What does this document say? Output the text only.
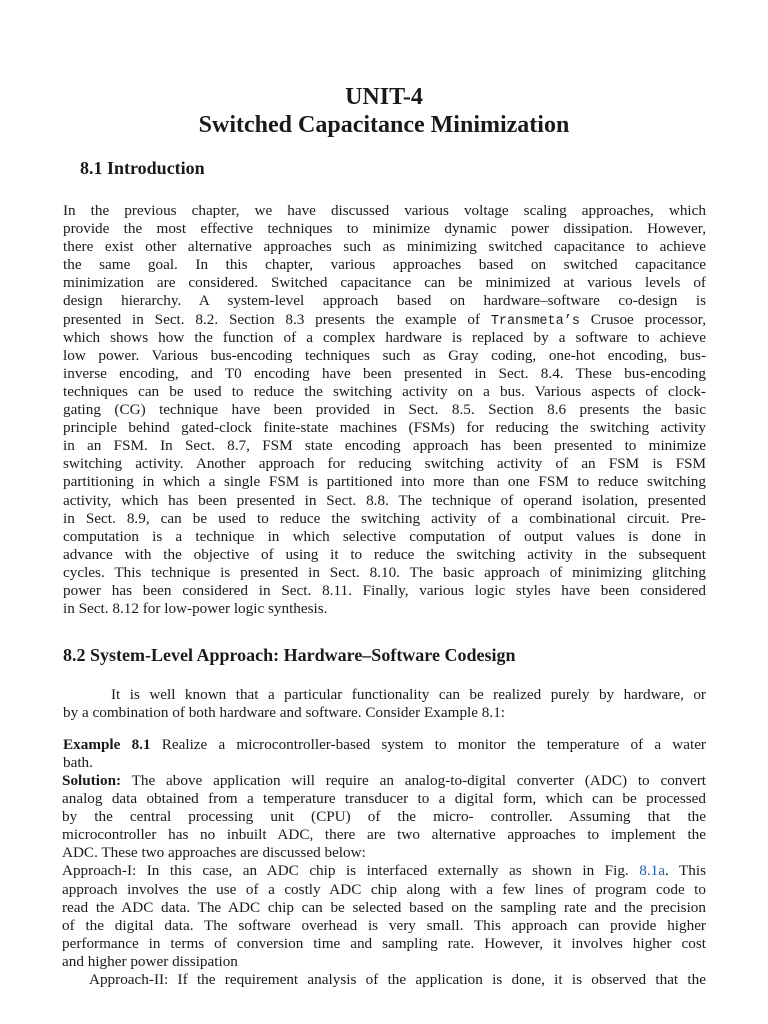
UNIT-4
Switched Capacitance Minimization
8.1 Introduction
In the previous chapter, we have discussed various voltage scaling approaches, which
provide the most effective techniques to minimize dynamic power dissipation. However,
there exist other alternative approaches such as minimizing switched capacitance to achieve
the same goal. In this chapter, various approaches based on switched capacitance
minimization are considered. Switched capacitance can be minimized at various levels of
design hierarchy. A system-level approach based on hardware–software co-design is
presented in Sect. 8.2. Section 8.3 presents the example of Transmeta’s Crusoe processor,
which shows how the function of a complex hardware is replaced by a software to achieve
low power. Various bus-encoding techniques such as Gray coding, one-hot encoding, bus-
inverse encoding, and T0 encoding have been presented in Sect. 8.4. These bus-encoding
techniques can be used to reduce the switching activity on a bus. Various aspects of clock-
gating (CG) technique have been provided in Sect. 8.5. Section 8.6 presents the basic
principle behind gated-clock finite-state machines (FSMs) for reducing the switching activity
in an FSM. In Sect. 8.7, FSM state encoding approach has been presented to minimize
switching activity. Another approach for reducing switching activity of an FSM is FSM
partitioning in which a single FSM is partitioned into more than one FSM to reduce switching
activity, which has been presented in Sect. 8.8. The technique of operand isolation, presented
in Sect. 8.9, can be used to reduce the switching activity of a combinational circuit. Pre-
computation is a technique in which selective computation of output values is done in
advance with the objective of using it to reduce the switching activity in the subsequent
cycles. This technique is presented in Sect. 8.10. The basic approach of minimizing glitching
power has been considered in Sect. 8.11. Finally, various logic styles have been considered
in Sect. 8.12 for low-power logic synthesis.
8.2 System-Level Approach: Hardware–Software Codesign
It is well known that a particular functionality can be realized purely by hardware, or
by a combination of both hardware and software. Consider Example 8.1:
Example 8.1 Realize a microcontroller-based system to monitor the temperature of a water
bath.
Solution: The above application will require an analog-to-digital converter (ADC) to convert
analog data obtained from a temperature transducer to a digital form, which can be processed
by the central processing unit (CPU) of the micro- controller. Assuming that the
microcontroller has no inbuilt ADC, there are two alternative approaches to implement the
ADC. These two approaches are discussed below:
Approach-I: In this case, an ADC chip is interfaced externally as shown in Fig. 8.1a. This
approach involves the use of a costly ADC chip along with a few lines of program code to
read the ADC data. The ADC chip can be selected based on the sampling rate and the precision
of the digital data. The software overhead is very small. This approach can provide higher
performance in terms of conversion time and sampling rate. However, it involves higher cost
and higher power dissipation
Approach-II: If the requirement analysis of the application is done, it is observed that the
